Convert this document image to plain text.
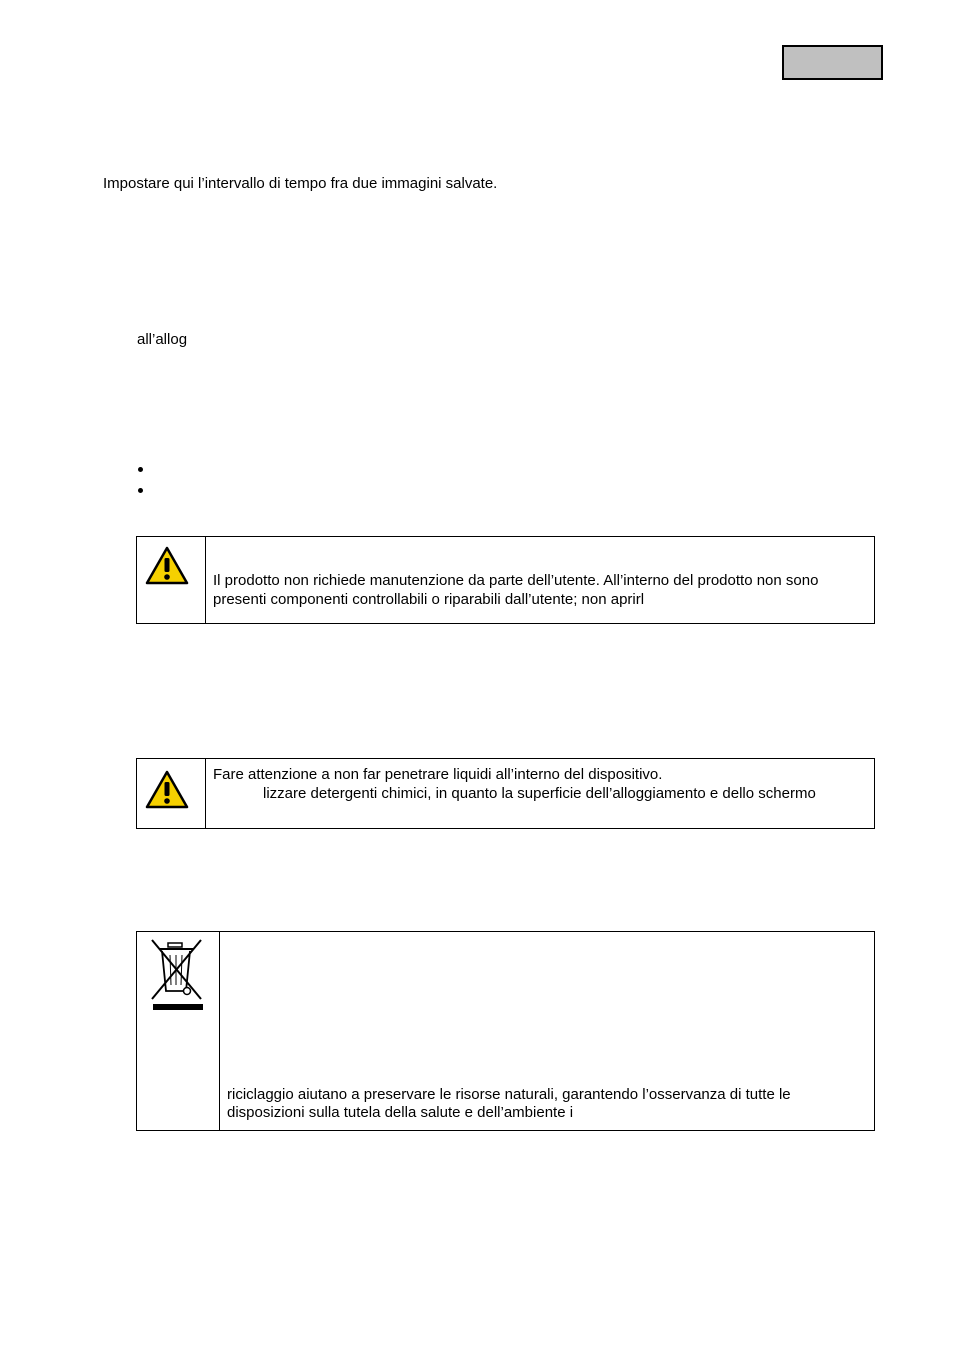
Impostare qui l’intervallo di tempo fra due immagini salvate.
all’allog
Il prodotto non richiede manutenzione da parte dell’utente. All’interno del prodotto non sono
presenti componenti controllabili o riparabili dall’utente; non aprirl
Fare attenzione a non far penetrare liquidi all’interno del dispositivo.
lizzare detergenti chimici, in quanto la superficie dell’alloggiamento e dello schermo
riciclaggio aiutano a preservare le risorse naturali, garantendo l’osservanza di tutte le
disposizioni sulla tutela della salute e dell’ambiente i
